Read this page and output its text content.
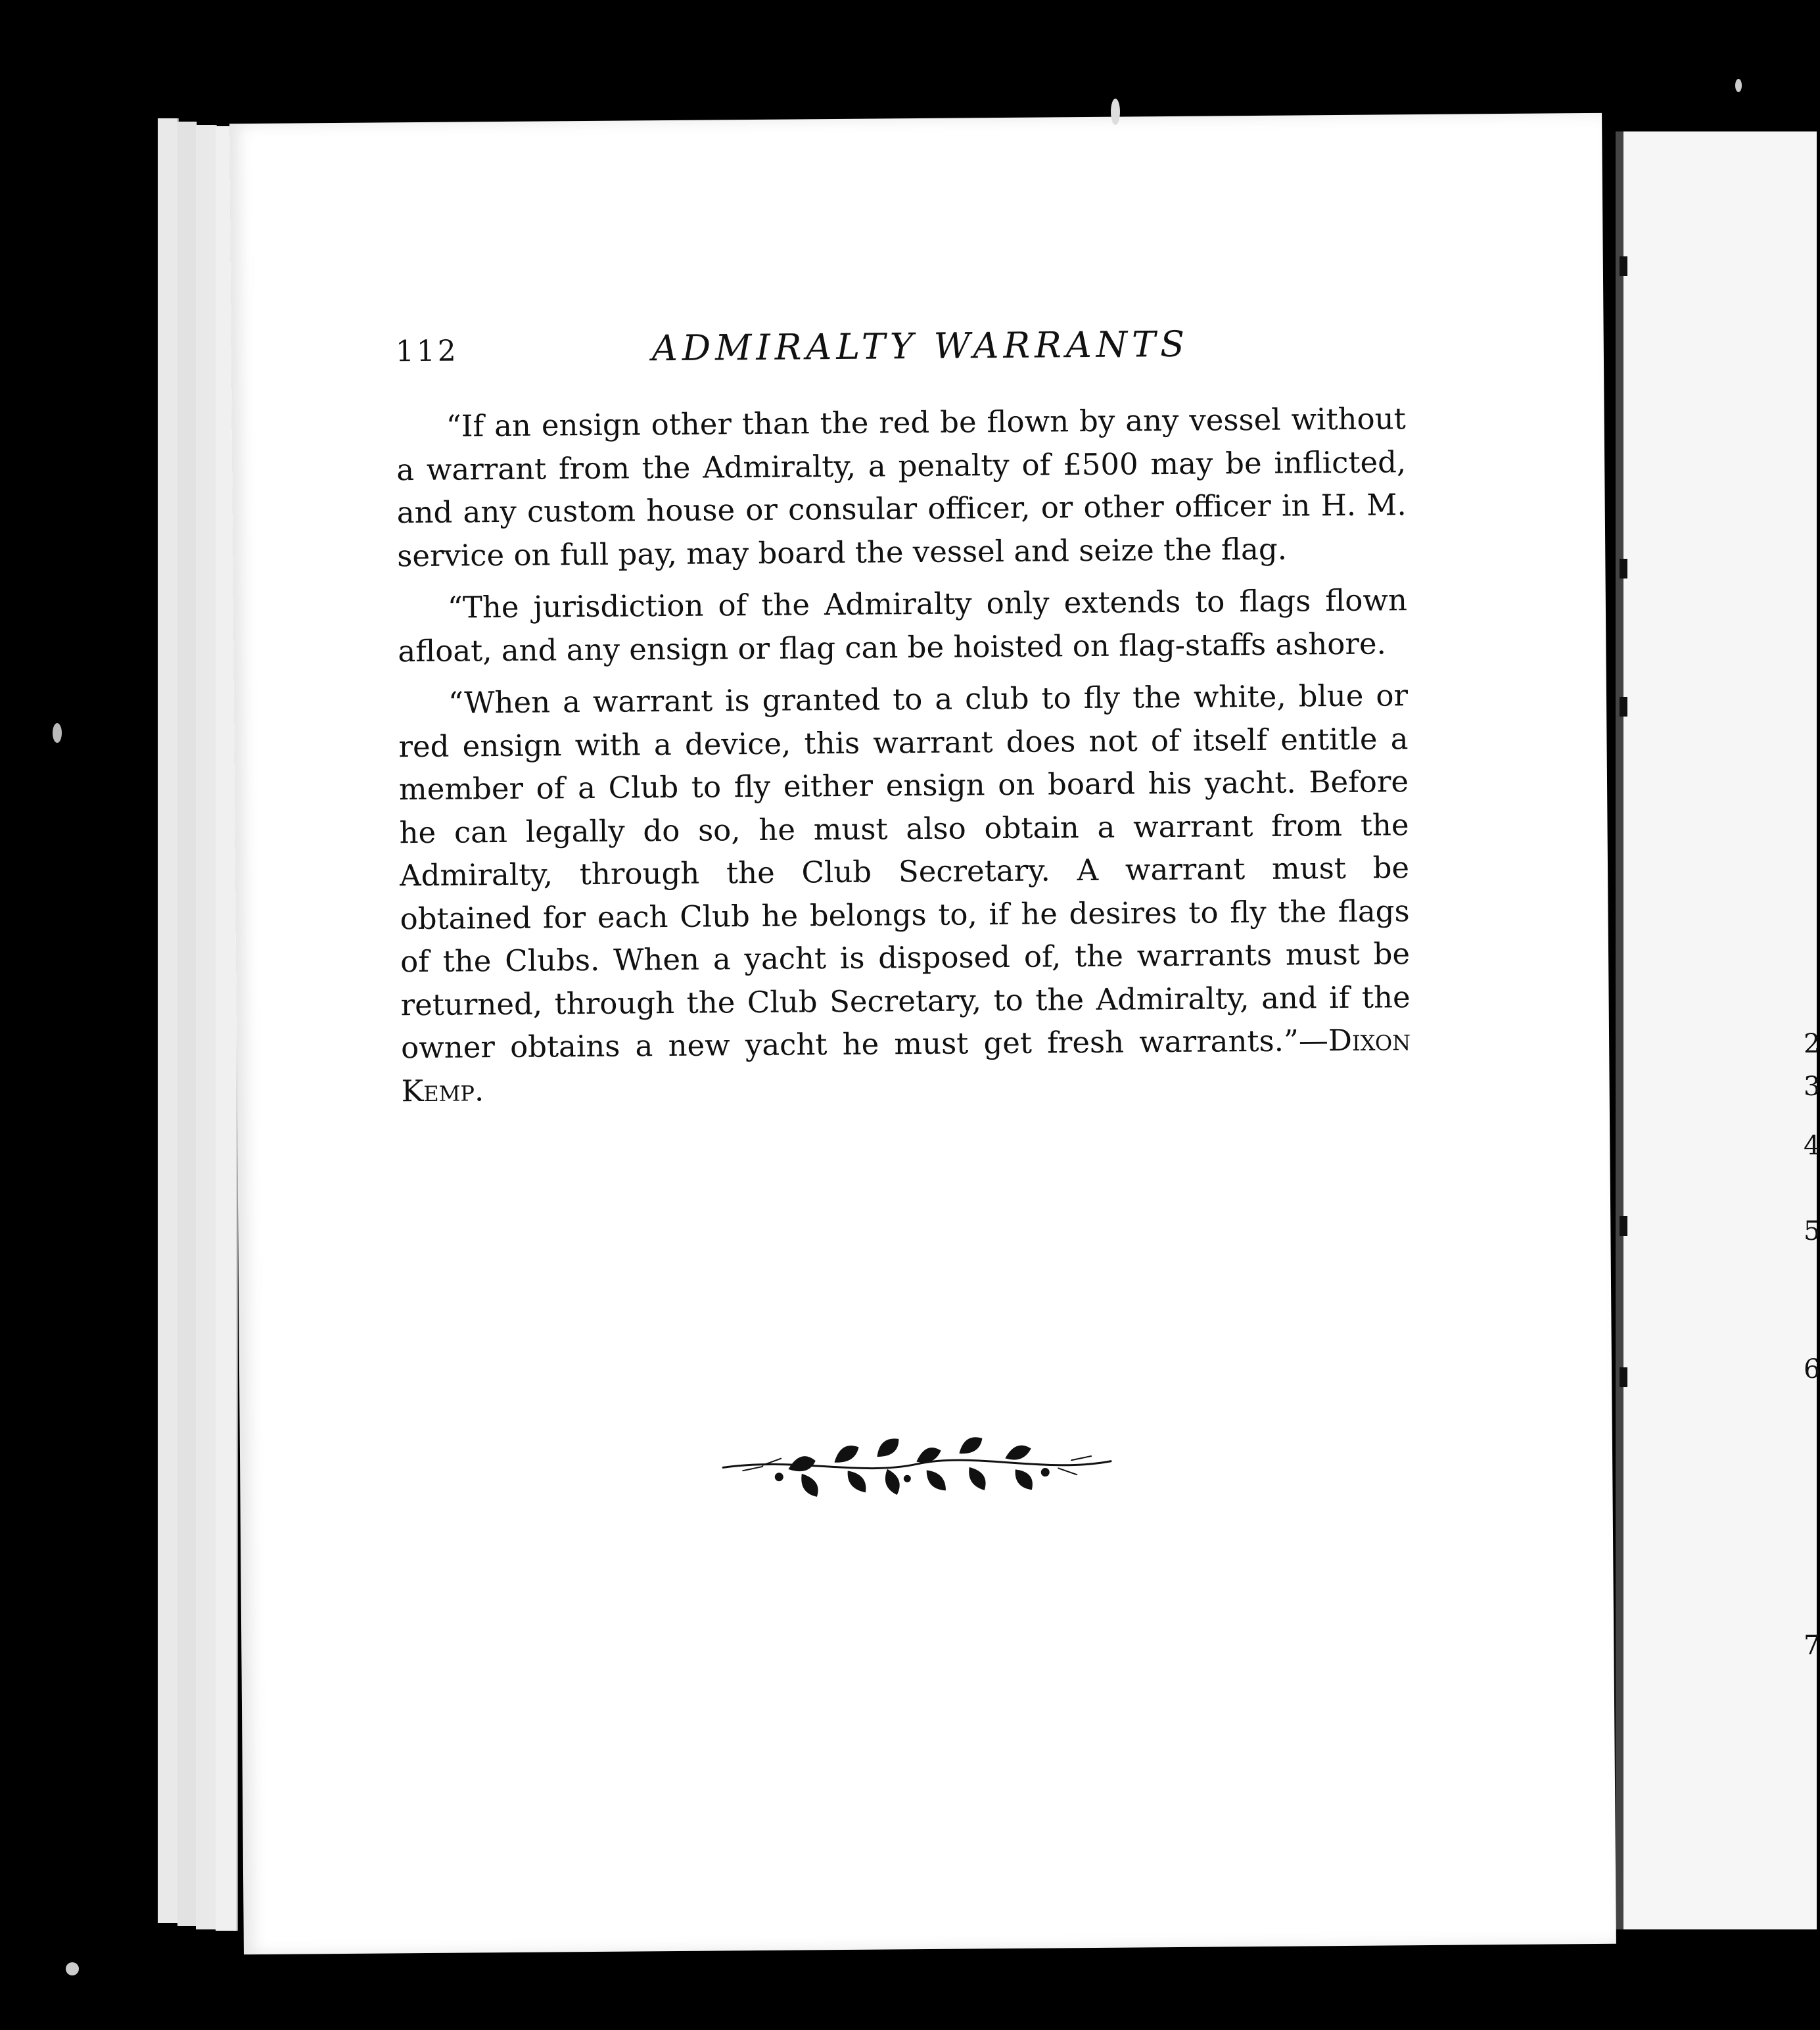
2
3
4
5
6
7
112	ADMIRALTY WARRANTS

“If an ensign other than the red be flown by any vessel without a warrant from the Admiralty, a penalty of £500 may be inflicted, and any custom house or consular officer, or other officer in H. M. service on full pay, may board the vessel and seize the flag.

“The jurisdiction of the Admiralty only extends to flags flown afloat, and any ensign or flag can be hoisted on flag-staffs ashore.

“When a warrant is granted to a club to fly the white, blue or red ensign with a device, this warrant does not of itself entitle a member of a Club to fly either ensign on board his yacht. Before he can legally do so, he must also obtain a warrant from the Admiralty, through the Club Secretary. A warrant must be obtained for each Club he belongs to, if he desires to fly the flags of the Clubs. When a yacht is disposed of, the warrants must be returned, through the Club Secretary, to the Admiralty, and if the owner obtains a new yacht he must get fresh warrants.”—Dixon Kemp.
